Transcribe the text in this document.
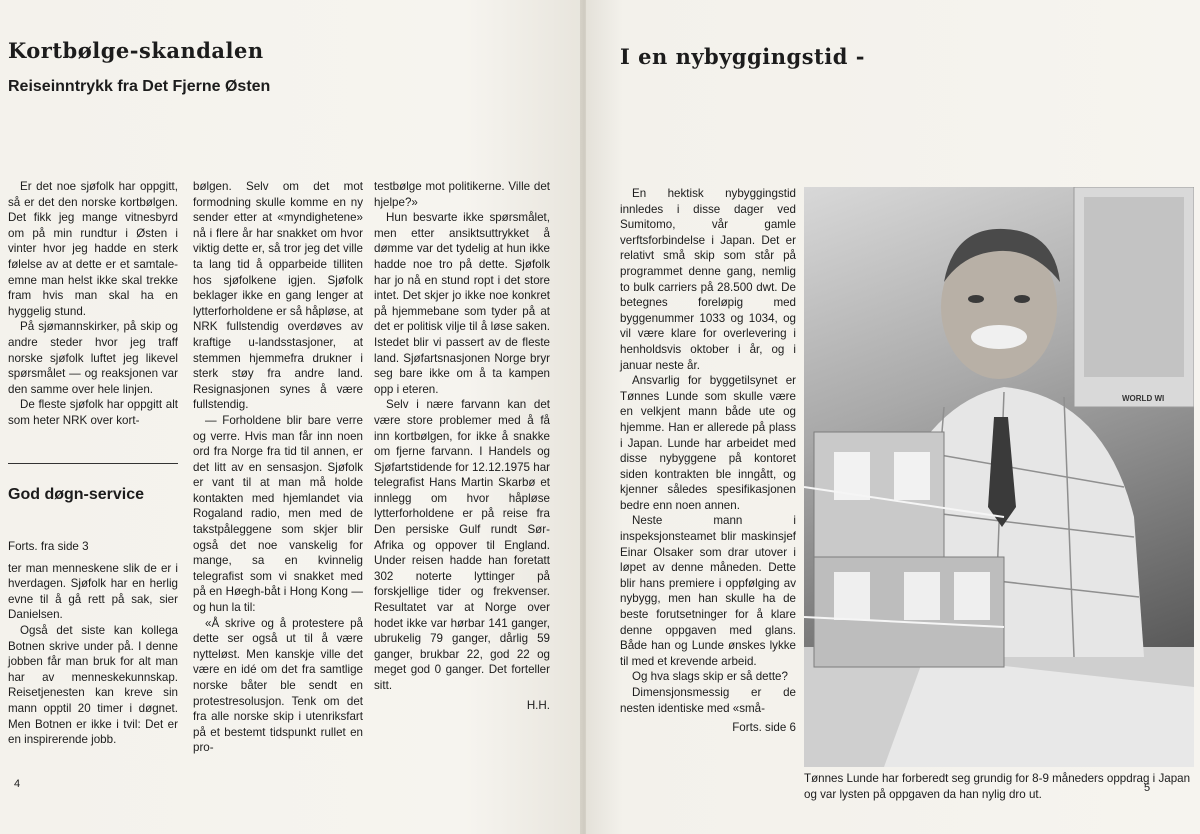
Kortbølge-skandalen
Reiseinntrykk fra Det Fjerne Østen

Er det noe sjøfolk har oppgitt, så er det den norske kortbølgen. Det fikk jeg mange vitnesbyrd om på min rundtur i Østen i vinter hvor jeg hadde en sterk følelse av at dette er et samtale-emne man helst ikke skal trekke fram hvis man skal ha en hyggelig stund.

På sjømannskirker, på skip og andre steder hvor jeg traff norske sjøfolk luftet jeg likevel spørsmålet — og reaksjonen var den samme over hele linjen.

De fleste sjøfolk har oppgitt alt som heter NRK over kort-

God døgn-service

Forts. fra side 3

ter man menneskene slik de er i hverdagen. Sjøfolk har en herlig evne til å gå rett på sak, sier Danielsen.

Også det siste kan kollega Botnen skrive under på. I denne jobben får man bruk for alt man har av menneskekunnskap. Reisetjenesten kan kreve sin mann opptil 20 timer i døgnet. Men Botnen er ikke i tvil: Det er en inspirerende jobb.

bølgen. Selv om det mot formodning skulle komme en ny sender etter at «myndighetene» nå i flere år har snakket om hvor viktig dette er, så tror jeg det ville ta lang tid å opparbeide tilliten hos sjøfolkene igjen. Sjøfolk beklager ikke en gang lenger at lytterforholdene er så håpløse, at NRK fullstendig overdøves av kraftige u-landsstasjoner, at stemmen hjemmefra drukner i sterk støy fra andre land. Resignasjonen synes å være fullstendig.

— Forholdene blir bare verre og verre. Hvis man får inn noen ord fra Norge fra tid til annen, er det litt av en sensasjon. Sjøfolk er vant til at man må holde kontakten med hjemlandet via Rogaland radio, men med de takstpåleggene som skjer blir også det noe vanskelig for mange, sa en kvinnelig telegrafist som vi snakket med på en Høegh-båt i Hong Kong — og hun la til:

«Å skrive og å protestere på dette ser også ut til å være nytteløst. Men kanskje ville det være en idé om det fra samtlige norske båter ble sendt en protestresolusjon. Tenk om det fra alle norske skip i utenriksfart på et bestemt tidspunkt rullet en pro-

testbølge mot politikerne. Ville det hjelpe?»

Hun besvarte ikke spørsmålet, men etter ansiktsuttrykket å dømme var det tydelig at hun ikke hadde noe tro på dette. Sjøfolk har jo nå en stund ropt i det store intet. Det skjer jo ikke noe konkret på hjemmebane som tyder på at det er politisk vilje til å løse saken. Istedet blir vi passert av de fleste land. Sjøfartsnasjonen Norge bryr seg bare ikke om å ta kampen opp i eteren.

Selv i nære farvann kan det være store problemer med å få inn kortbølgen, for ikke å snakke om fjerne farvann. I Handels og Sjøfartstidende for 12.12.1975 har telegrafist Hans Martin Skarbø et innlegg om hvor håpløse lytterforholdene er på reise fra Den persiske Gulf rundt Sør-Afrika og oppover til England. Under reisen hadde han foretatt 302 noterte lyttinger på forskjellige tider og frekvenser. Resultatet var at Norge over hodet ikke var hørbar 141 ganger, ubrukelig 79 ganger, dårlig 59 ganger, brukbar 22, god 22 og meget god 0 ganger. Det forteller sitt.

H.H.

4
I en nybyggingstid -

En hektisk nybyggingstid innledes i disse dager ved Sumitomo, vår gamle verftsforbindelse i Japan. Det er relativt små skip som står på programmet denne gang, nemlig to bulk carriers på 28.500 dwt. De betegnes foreløpig med byggenummer 1033 og 1034, og vil være klare for overlevering i henholdsvis oktober i år, og i januar neste år.

Ansvarlig for byggetilsynet er Tønnes Lunde som skulle være en velkjent mann både ute og hjemme. Han er allerede på plass i Japan. Lunde har arbeidet med disse nybyggene på kontoret siden kontrakten ble inngått, og kjenner således spesifikasjonen bedre enn noen annen.

Neste mann i inspeksjonsteamet blir maskinsjef Einar Olsaker som drar utover i løpet av denne måneden. Dette blir hans premiere i oppfølging av nybygg, men han skulle ha de beste forutsetninger for å klare denne oppgaven med glans. Både han og Lunde ønskes lykke til med et krevende arbeid.

Og hva slags skip er så dette?

Dimensjonsmessig er de nesten identiske med «små-

Forts. side 6

WORLD WI

Tønnes Lunde har forberedt seg grundig for 8-9 måneders oppdrag i Japan og var lysten på oppgaven da han nylig dro ut.	5
